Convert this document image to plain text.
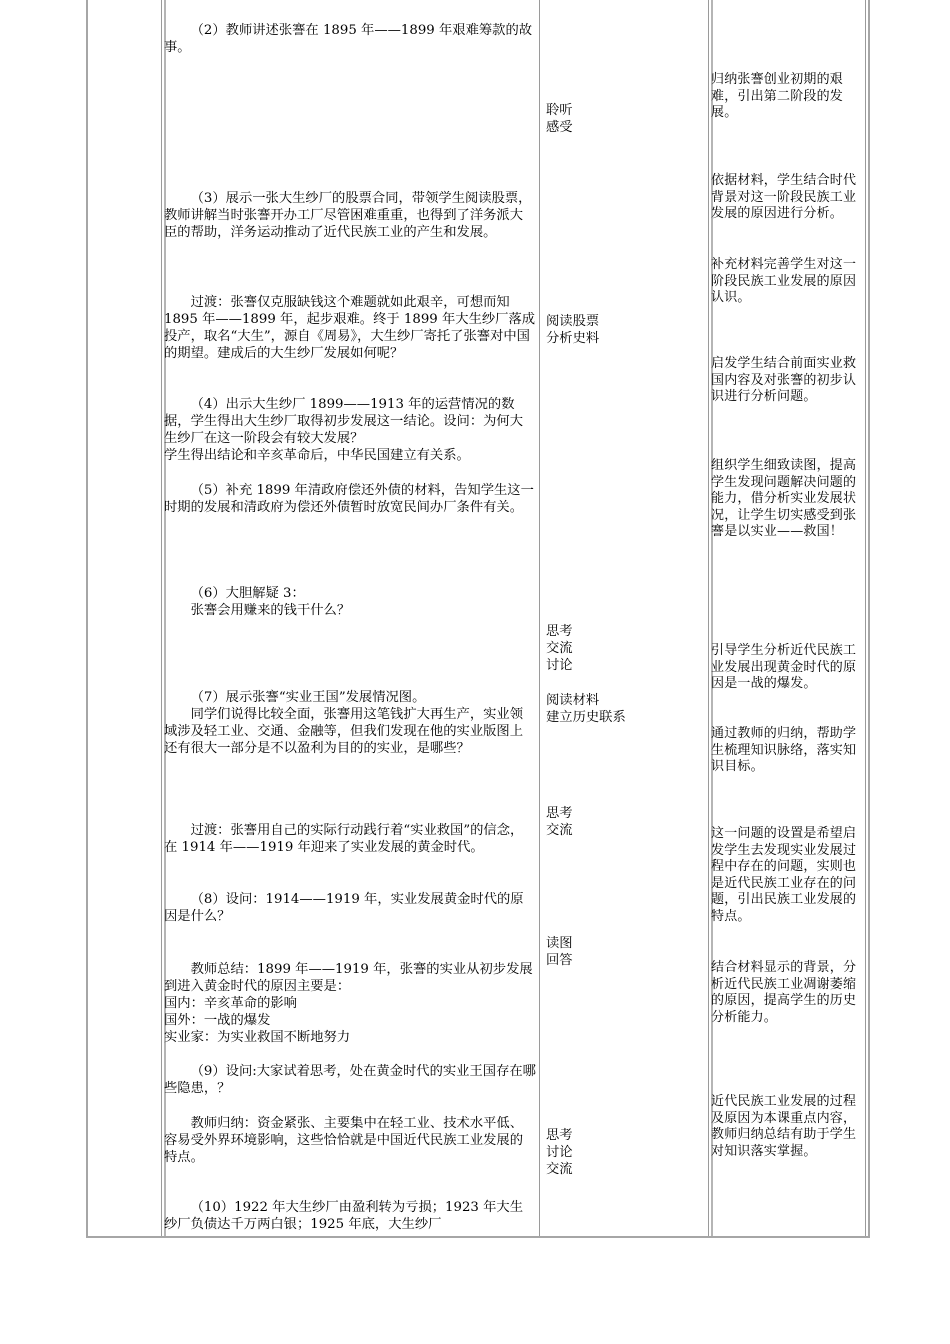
（2）教师讲述张謇在 1895 年——1899 年艰难筹款的故事。

（3）展示一张大生纱厂的股票合同，带领学生阅读股票，教师讲解当时张謇开办工厂尽管困难重重，也得到了洋务派大臣的帮助，洋务运动推动了近代民族工业的产生和发展。

过渡：张謇仅克服缺钱这个难题就如此艰辛，可想而知 1895 年——1899 年，起步艰难。终于 1899 年大生纱厂落成投产，取名“大生”，源自《周易》，大生纱厂寄托了张謇对中国的期望。建成后的大生纱厂发展如何呢？

（4）出示大生纱厂 1899——1913 年的运营情况的数据，学生得出大生纱厂取得初步发展这一结论。设问：为何大生纱厂在这一阶段会有较大发展？

学生得出结论和辛亥革命后，中华民国建立有关系。

（5）补充 1899 年清政府偿还外债的材料，告知学生这一时期的发展和清政府为偿还外债暂时放宽民间办厂条件有关。

（6）大胆解疑 3：

张謇会用赚来的钱干什么？

（7）展示张謇“实业王国”发展情况图。

同学们说得比较全面，张謇用这笔钱扩大再生产，实业领域涉及轻工业、交通、金融等，但我们发现在他的实业版图上还有很大一部分是不以盈利为目的的实业，是哪些？

过渡：张謇用自己的实际行动践行着“实业救国”的信念，在 1914 年——1919 年迎来了实业发展的黄金时代。

（8）设问：1914——1919 年，实业发展黄金时代的原因是什么？

教师总结：1899 年——1919 年，张謇的实业从初步发展到进入黄金时代的原因主要是：

国内：辛亥革命的影响

国外：一战的爆发

实业家：为实业救国不断地努力

（9）设问:大家试着思考，处在黄金时代的实业王国存在哪些隐患，？

教师归纳：资金紧张、主要集中在轻工业、技术水平低、容易受外界环境影响，这些恰恰就是中国近代民族工业发展的特点。

（10）1922 年大生纱厂由盈利转为亏损；1923 年大生纱厂负债达千万两白银；1925 年底，大生纱厂

聆听
感受

阅读股票
分析史料

思考
交流
讨论

阅读材料
建立历史联系

思考
交流

读图
回答

思考
讨论
交流

归纳张謇创业初期的艰难，引出第二阶段的发展。

依据材料，学生结合时代背景对这一阶段民族工业发展的原因进行分析。

补充材料完善学生对这一阶段民族工业发展的原因认识。

启发学生结合前面实业救国内容及对张謇的初步认识进行分析问题。

组织学生细致读图，提高学生发现问题解决问题的能力，借分析实业发展状况，让学生切实感受到张謇是以实业——救国！

引导学生分析近代民族工业发展出现黄金时代的原因是一战的爆发。

通过教师的归纳，帮助学生梳理知识脉络，落实知识目标。

这一问题的设置是希望启发学生去发现实业发展过程中存在的问题，实则也是近代民族工业存在的问题，引出民族工业发展的特点。

结合材料显示的背景，分析近代民族工业凋谢萎缩的原因，提高学生的历史分析能力。

近代民族工业发展的过程及原因为本课重点内容，教师归纳总结有助于学生对知识落实掌握。
